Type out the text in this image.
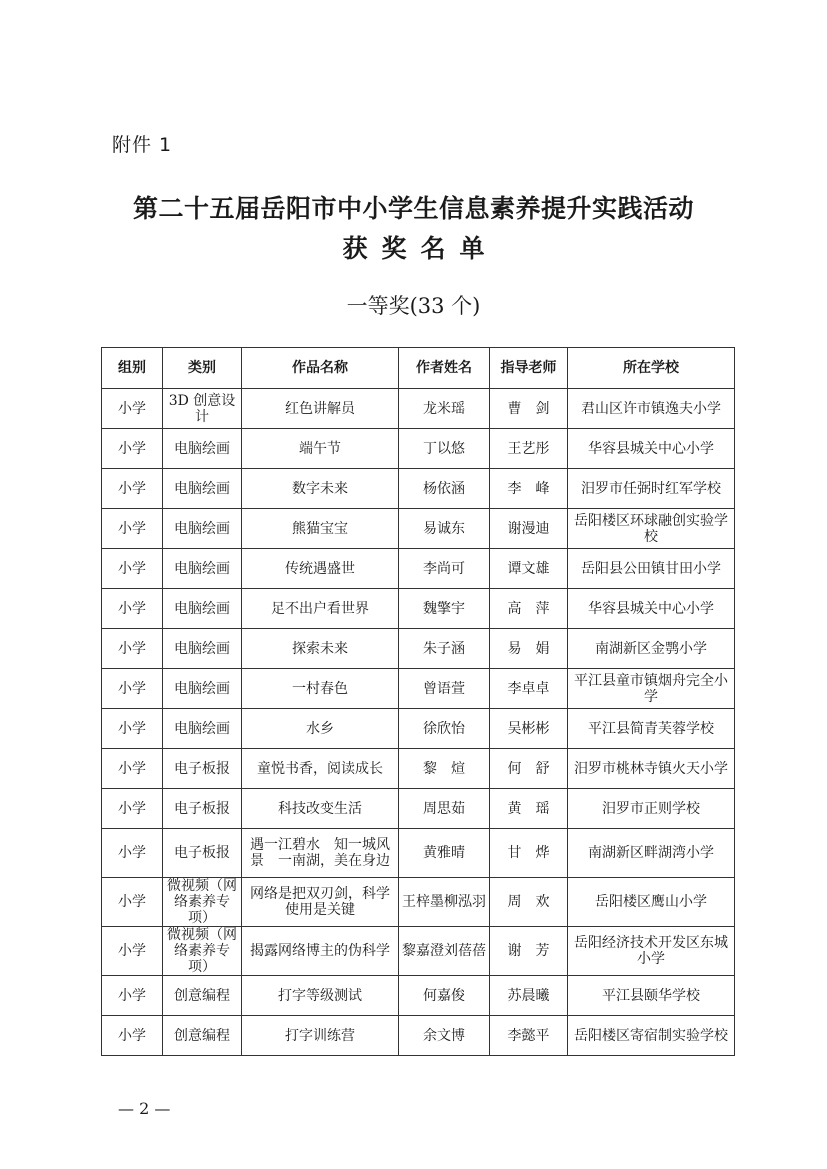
附件 1
第二十五届岳阳市中小学生信息素养提升实践活动
获奖名单
一等奖(33 个)
组别	类别	作品名称	作者姓名	指导老师	所在学校
小学	3D 创意设计	红色讲解员	龙米瑶	曹　剑	君山区许市镇逸夫小学
小学	电脑绘画	端午节	丁以悠	王艺彤	华容县城关中心小学
小学	电脑绘画	数字未来	杨依涵	李　峰	汨罗市任弼时红军学校
小学	电脑绘画	熊猫宝宝	易诚东	谢漫迪	岳阳楼区环球融创实验学校
小学	电脑绘画	传统遇盛世	李尚可	谭文雄	岳阳县公田镇甘田小学
小学	电脑绘画	足不出户看世界	魏擎宇	高　萍	华容县城关中心小学
小学	电脑绘画	探索未来	朱子涵	易　娟	南湖新区金鹗小学
小学	电脑绘画	一村春色	曾语萱	李卓卓	平江县童市镇烟舟完全小学
小学	电脑绘画	水乡	徐欣怡	吴彬彬	平江县简青芙蓉学校
小学	电子板报	童悦书香，阅读成长	黎　煊	何　舒	汨罗市桃林寺镇火天小学
小学	电子板报	科技改变生活	周思茹	黄　瑶	汨罗市正则学校
小学	电子板报	遇一江碧水　知一城风景　一南湖，美在身边	黄雅晴	甘　烨	南湖新区畔湖湾小学
小学	微视频（网络素养专项）	网络是把双刃剑，科学使用是关键	王梓墨柳泓羽	周　欢	岳阳楼区鹰山小学
小学	微视频（网络素养专项）	揭露网络博主的伪科学	黎嘉澄刘蓓蓓	谢　芳	岳阳经济技术开发区东城小学
小学	创意编程	打字等级测试	何嘉俊	苏晨曦	平江县颐华学校
小学	创意编程	打字训练营	余文博	李懿平	岳阳楼区寄宿制实验学校
— 2 —
